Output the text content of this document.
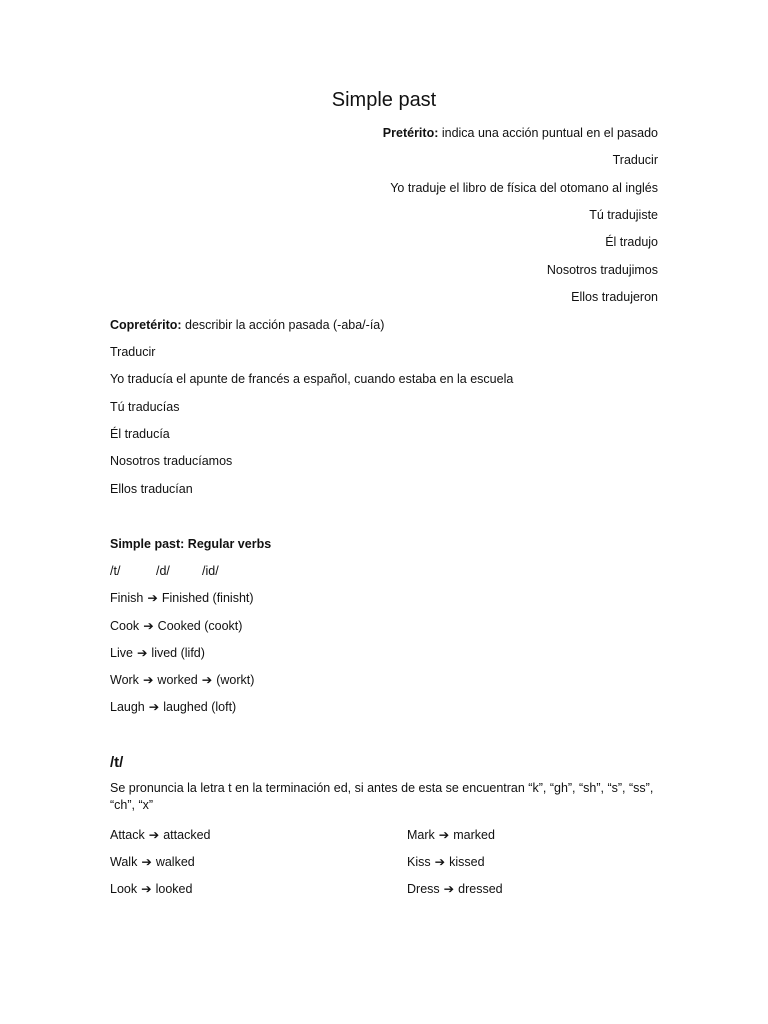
Simple past
Pretérito: indica una acción puntual en el pasado
Traducir
Yo traduje el libro de física del otomano al inglés
Tú tradujiste
Él tradujo
Nosotros tradujimos
Ellos tradujeron
Copretérito: describir la acción pasada (-aba/-ía)
Traducir
Yo traducía el apunte de francés a español, cuando estaba en la escuela
Tú traducías
Él traducía
Nosotros traducíamos
Ellos traducían
Simple past: Regular verbs
/t/	/d/	/id/
Finish ➔ Finished (finisht)
Cook ➔ Cooked (cookt)
Live ➔ lived (lifd)
Work ➔ worked ➔ (workt)
Laugh ➔ laughed (loft)
/t/
Se pronuncia la letra t en la terminación ed, si antes de esta se encuentran “k”, “gh”, “sh”, “s”, “ss”, “ch”, “x”
Attack ➔ attacked
Walk ➔ walked
Look ➔ looked
Mark ➔ marked
Kiss ➔ kissed
Dress ➔ dressed
